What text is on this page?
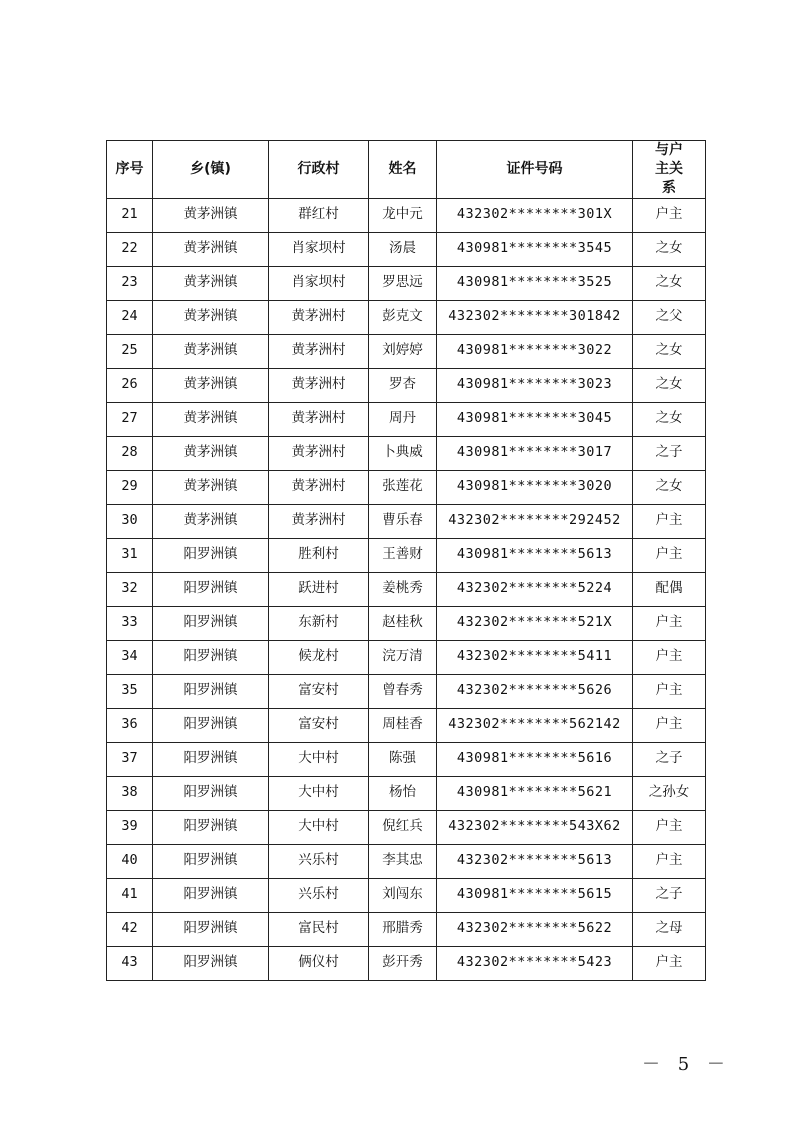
序号	乡(镇)	行政村	姓名	证件号码	与户主关系

21	黄茅洲镇	群红村	龙中元	432302********301X	户主
22	黄茅洲镇	肖家坝村	汤晨	430981********3545	之女
23	黄茅洲镇	肖家坝村	罗思远	430981********3525	之女
24	黄茅洲镇	黄茅洲村	彭克文	432302********301842	之父
25	黄茅洲镇	黄茅洲村	刘婷婷	430981********3022	之女
26	黄茅洲镇	黄茅洲村	罗杏	430981********3023	之女
27	黄茅洲镇	黄茅洲村	周丹	430981********3045	之女
28	黄茅洲镇	黄茅洲村	卜典威	430981********3017	之子
29	黄茅洲镇	黄茅洲村	张莲花	430981********3020	之女
30	黄茅洲镇	黄茅洲村	曹乐春	432302********292452	户主
31	阳罗洲镇	胜利村	王善财	430981********5613	户主
32	阳罗洲镇	跃进村	姜桃秀	432302********5224	配偶
33	阳罗洲镇	东新村	赵桂秋	432302********521X	户主
34	阳罗洲镇	候龙村	浣万清	432302********5411	户主
35	阳罗洲镇	富安村	曾春秀	432302********5626	户主
36	阳罗洲镇	富安村	周桂香	432302********562142	户主
37	阳罗洲镇	大中村	陈强	430981********5616	之子
38	阳罗洲镇	大中村	杨怡	430981********5621	之孙女
39	阳罗洲镇	大中村	倪红兵	432302********543X62	户主
40	阳罗洲镇	兴乐村	李其忠	432302********5613	户主
41	阳罗洲镇	兴乐村	刘闯东	430981********5615	之子
42	阳罗洲镇	富民村	邢腊秀	432302********5622	之母
43	阳罗洲镇	俩仪村	彭幵秀	432302********5423	户主
－ 5 －
